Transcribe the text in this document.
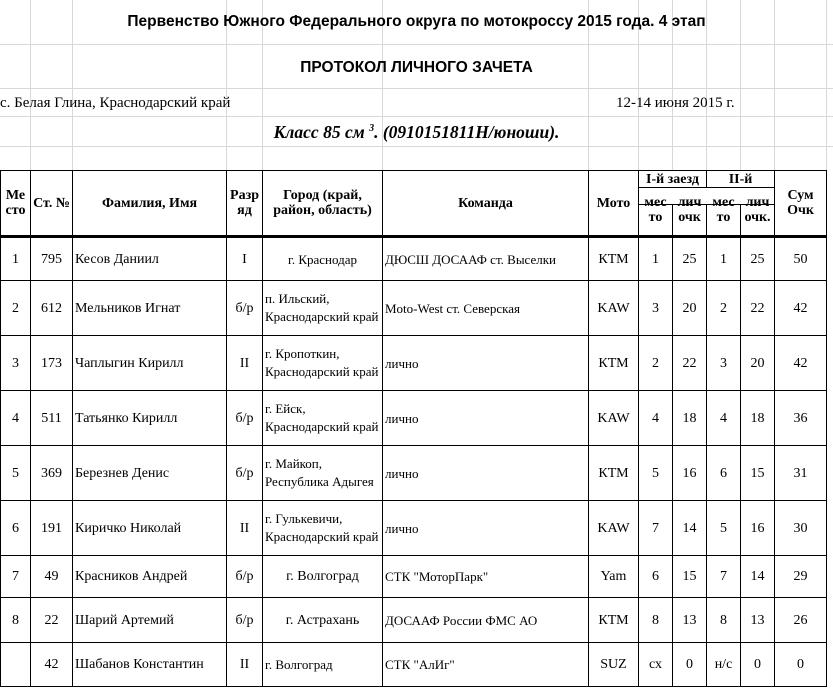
Первенство Южного Федерального округа по мотокроссу 2015 года. 4 этап
ПРОТОКОЛ ЛИЧНОГО ЗАЧЕТА
с. Белая Глина, Краснодарский край	12-14 июня 2015 г.
Класс 85 см $^3$. (0910151811Н/юноши).
Ме сто	Ст. №	Фамилия, Имя	Разр яд	Город (край, район, область)	Команда	Мото	I-й заезд		II-й		Сум Очк

							мес то	лич очк	мес то	лич очк.	
1	795	Кесов Даниил	I	г. Краснодар	ДЮСШ ДОСААФ ст. Выселки	КТМ	1	25	1	25	50
2	612	Мельников Игнат	б/р	п. Ильский, Краснодарский край	Moto-West ст. Северская	KAW	3	20	2	22	42
3	173	Чаплыгин Кирилл	II	г. Кропоткин, Краснодарский край	лично	КТМ	2	22	3	20	42
4	511	Татьянко Кирилл	б/р	г. Ейск, Краснодарский край	лично	KAW	4	18	4	18	36
5	369	Березнев Денис	б/р	г. Майкоп, Республика Адыгея	лично	КТМ	5	16	6	15	31
6	191	Киричко Николай	II	г. Гулькевичи, Краснодарский край	лично	KAW	7	14	5	16	30
7	49	Красников Андрей	б/р	г. Волгоград	СТК "МоторПарк"	Yam	6	15	7	14	29
8	22	Шарий Артемий	б/р	г. Астрахань	ДОСААФ России ФМС АО	КТМ	8	13	8	13	26
	42	Шабанов Константин	II	г. Волгоград	СТК "АлИг"	SUZ	сх	0	н/с	0	0
